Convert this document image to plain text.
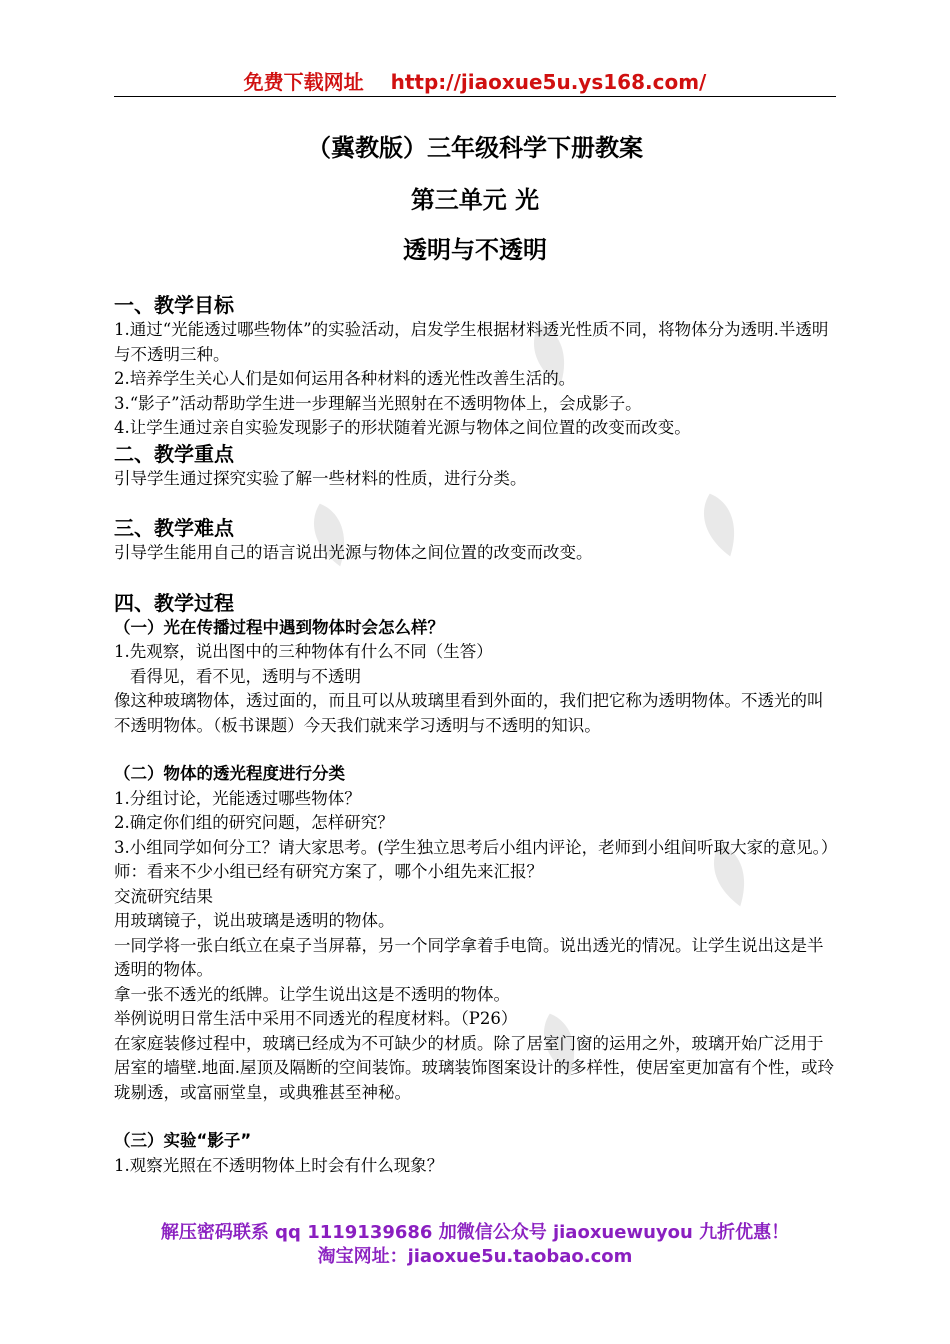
免费下载网址 http://jiaoxue5u.ys168.com/
（冀教版）三年级科学下册教案
第三单元 光
透明与不透明

一、教学目标

1.通过“光能透过哪些物体”的实验活动，启发学生根据材料透光性质不同，将物体分为透明.半透明与不透明三种。

2.培养学生关心人们是如何运用各种材料的透光性改善生活的。

3.“影子”活动帮助学生进一步理解当光照射在不透明物体上，会成影子。

4.让学生通过亲自实验发现影子的形状随着光源与物体之间位置的改变而改变。

二、教学重点

引导学生通过探究实验了解一些材料的性质，进行分类。

三、教学难点

引导学生能用自己的语言说出光源与物体之间位置的改变而改变。

四、教学过程

（一）光在传播过程中遇到物体时会怎么样？

1.先观察，说出图中的三种物体有什么不同（生答）

看得见，看不见，透明与不透明

像这种玻璃物体，透过面的，而且可以从玻璃里看到外面的，我们把它称为透明物体。不透光的叫不透明物体。（板书课题）今天我们就来学习透明与不透明的知识。

（二）物体的透光程度进行分类

1.分组讨论，光能透过哪些物体？

2.确定你们组的研究问题，怎样研究？

3.小组同学如何分工？请大家思考。(学生独立思考后小组内评论，老师到小组间听取大家的意见。）

师：看来不少小组已经有研究方案了，哪个小组先来汇报？

交流研究结果

用玻璃镜子，说出玻璃是透明的物体。

一同学将一张白纸立在桌子当屏幕，另一个同学拿着手电筒。说出透光的情况。让学生说出这是半透明的物体。

拿一张不透光的纸牌。让学生说出这是不透明的物体。

举例说明日常生活中采用不同透光的程度材料。（P26）

在家庭装修过程中，玻璃已经成为不可缺少的材质。除了居室门窗的运用之外，玻璃开始广泛用于居室的墙壁.地面.屋顶及隔断的空间装饰。玻璃装饰图案设计的多样性，使居室更加富有个性，或玲珑剔透，或富丽堂皇，或典雅甚至神秘。

（三）实验“影子”

1.观察光照在不透明物体上时会有什么现象？

解压密码联系 qq 1119139686 加微信公众号 jiaoxuewuyou 九折优惠！
淘宝网址：jiaoxue5u.taobao.com
